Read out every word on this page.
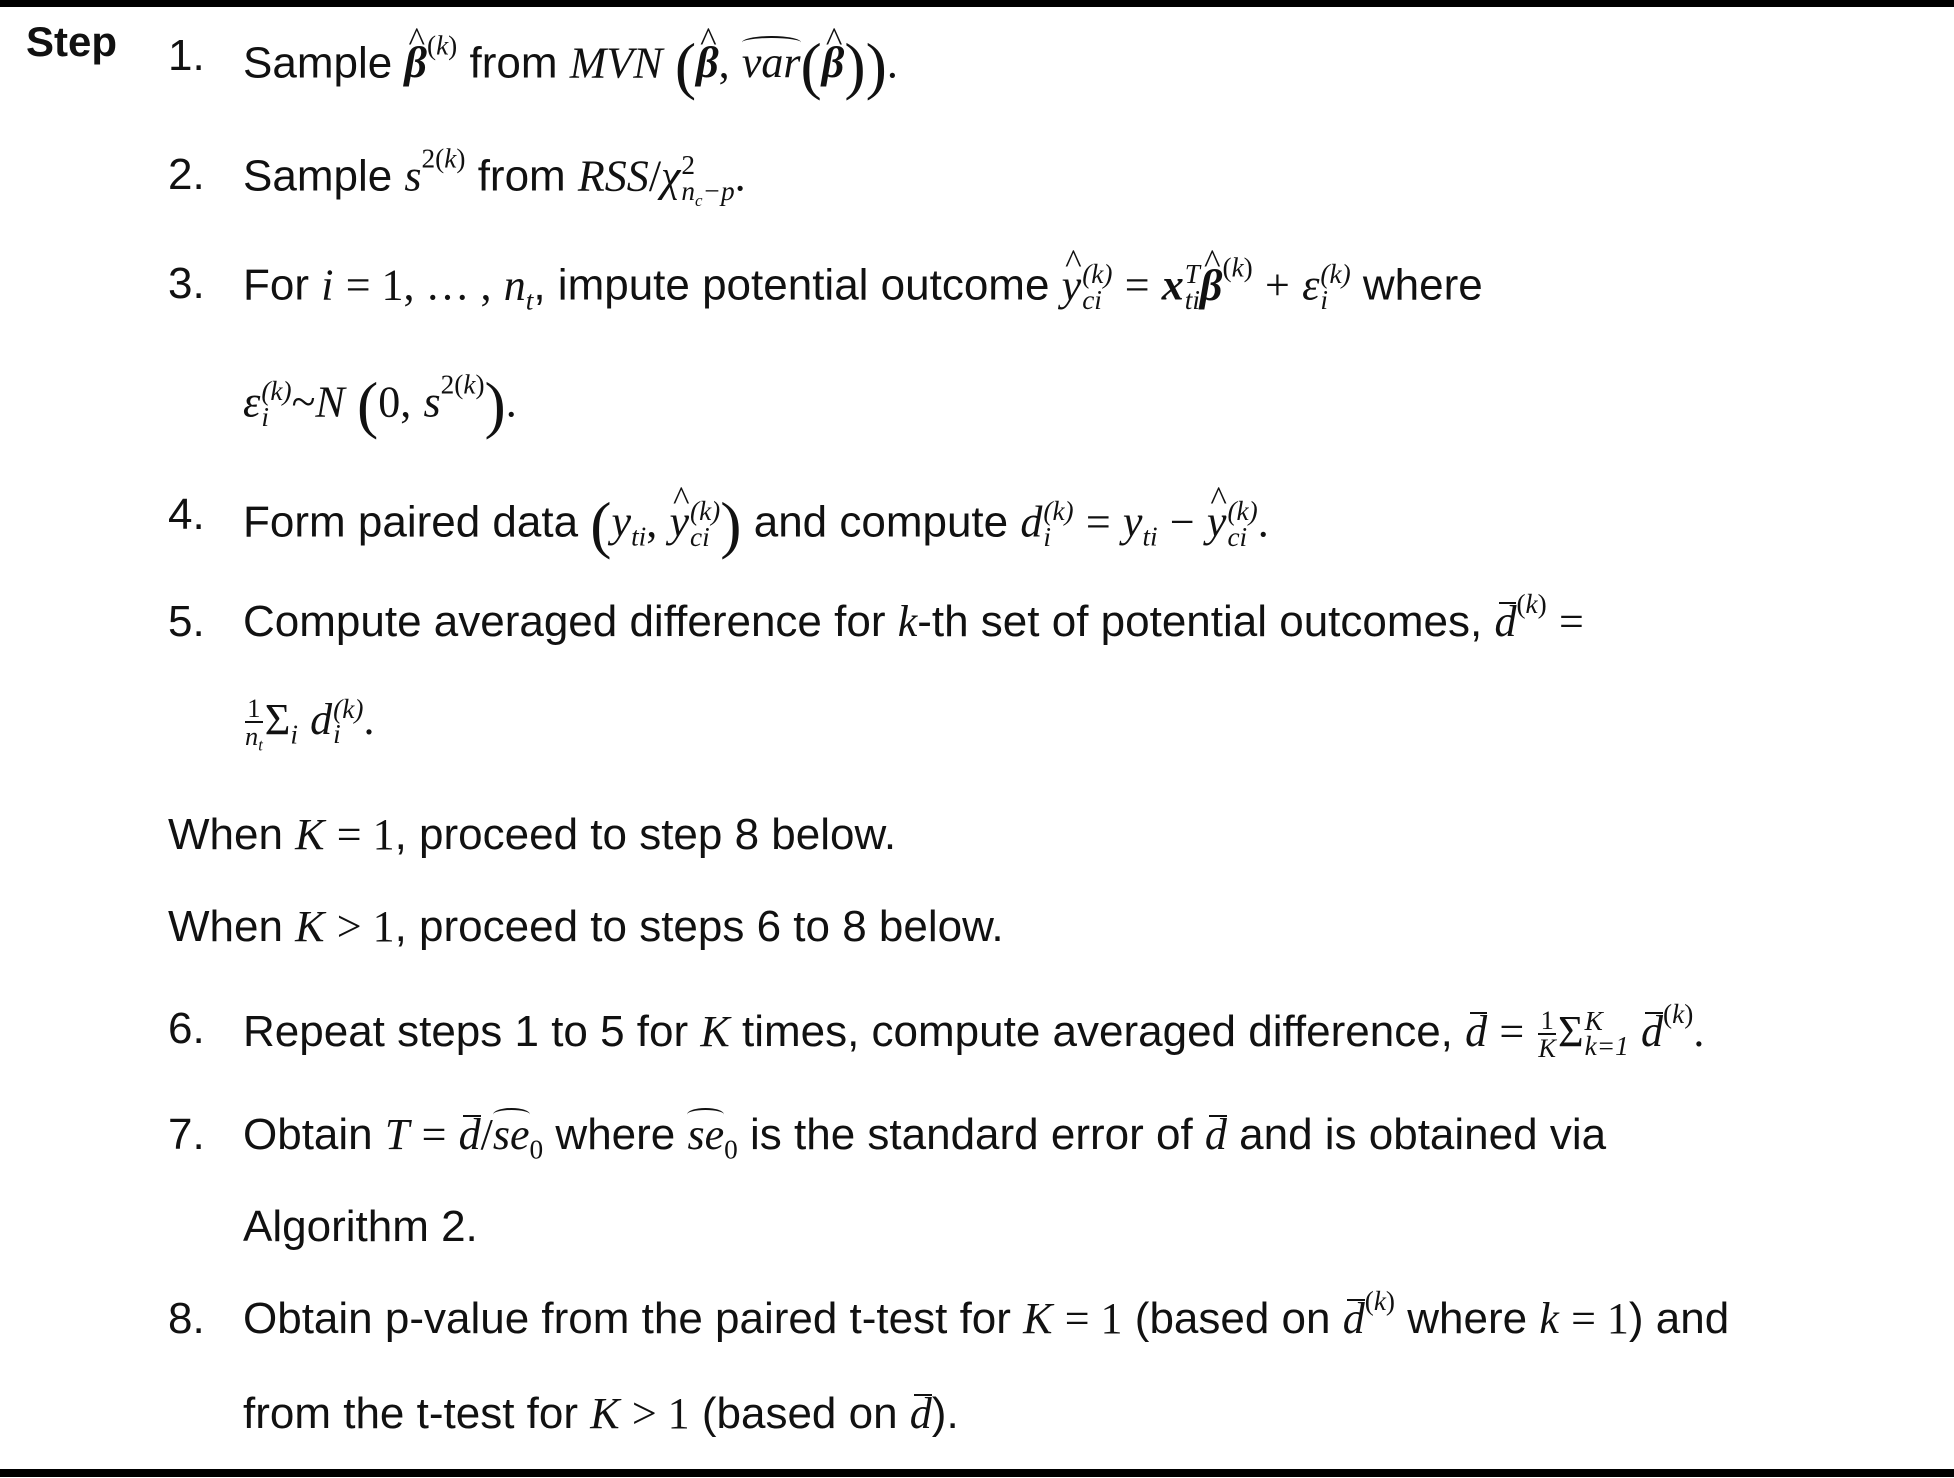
Step 1. Sample ^ $\beta^{(k)}$ from MVN (^ β, var(^ β)).
2. Sample $s^{2(k)}$ from RSS/χ 2
$n_c-p$ .
3. For i = 1, … , $n_t$, impute potential outcome ^ y (k)
ci = x T
ti ^ $\beta^{(k)} + \varepsilon$ (k)
i where
ε (k)
i ~N (0, $s^{2(k)}$).
4. Form paired data ($y_{ti}$, ^ y (k)
ci ) and compute d (k)
$i = y_{ti}$ − ^ y (k)
ci .
5. Compute averaged difference for k-th set of potential outcomes, $d^{(k)}$ =
$\frac{1}{n_t} \Sigma_i$ d (k)
i .
When K = 1, proceed to step 8 below.
When K > 1, proceed to steps 6 to 8 below.
6. Repeat steps 1 to 5 for K times, compute averaged difference, $d = \frac{1}{K}$ Σ K
k=1 $d^{(k)}$.
7. Obtain $T = d/se_0$ where $se_0$ is the standard error of d and is obtained via
Algorithm 2.
8. Obtain p-value from the paired t-test for K = 1 (based on $d^{(k)}$ where k = 1) and
from the t-test for K > 1 (based on d).
